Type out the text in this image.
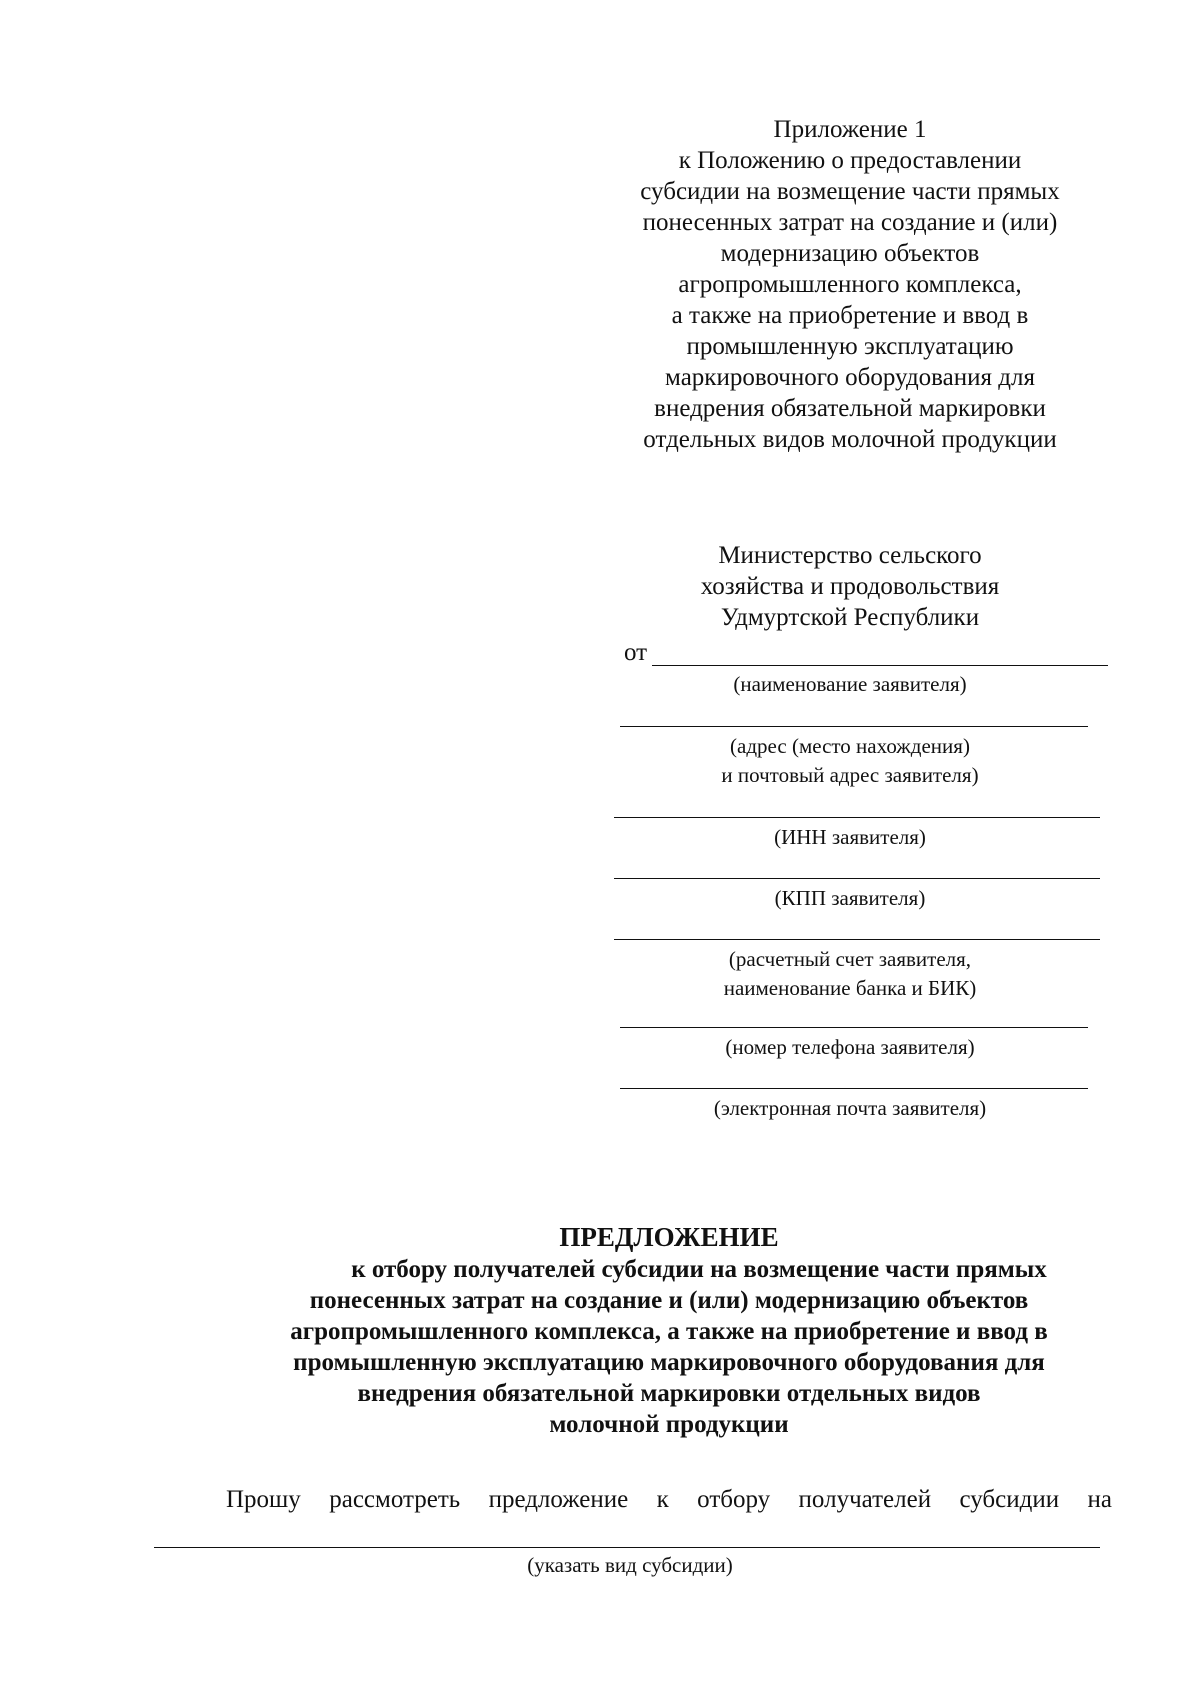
Приложение 1
к Положению о предоставлении
субсидии на возмещение части прямых
понесенных затрат на создание и (или)
модернизацию объектов
агропромышленного комплекса,
а также на приобретение и ввод в
промышленную эксплуатацию
маркировочного оборудования для
внедрения обязательной маркировки
отдельных видов молочной продукции
Министерство сельского
хозяйства и продовольствия
Удмуртской Республики
от
(наименование заявителя)
(адрес (место нахождения)
и почтовый адрес заявителя)
(ИНН заявителя)
(КПП заявителя)
(расчетный счет заявителя,
наименование банка и БИК)
(номер телефона заявителя)
(электронная почта заявителя)
ПРЕДЛОЖЕНИЕ
к отбору получателей субсидии на возмещение части прямых
понесенных затрат на создание и (или) модернизацию объектов
агропромышленного комплекса, а также на приобретение и ввод в
промышленную эксплуатацию маркировочного оборудования для
внедрения обязательной маркировки отдельных видов
молочной продукции
Прошу рассмотреть предложение к отбору получателей субсидии на
(указать вид субсидии)
